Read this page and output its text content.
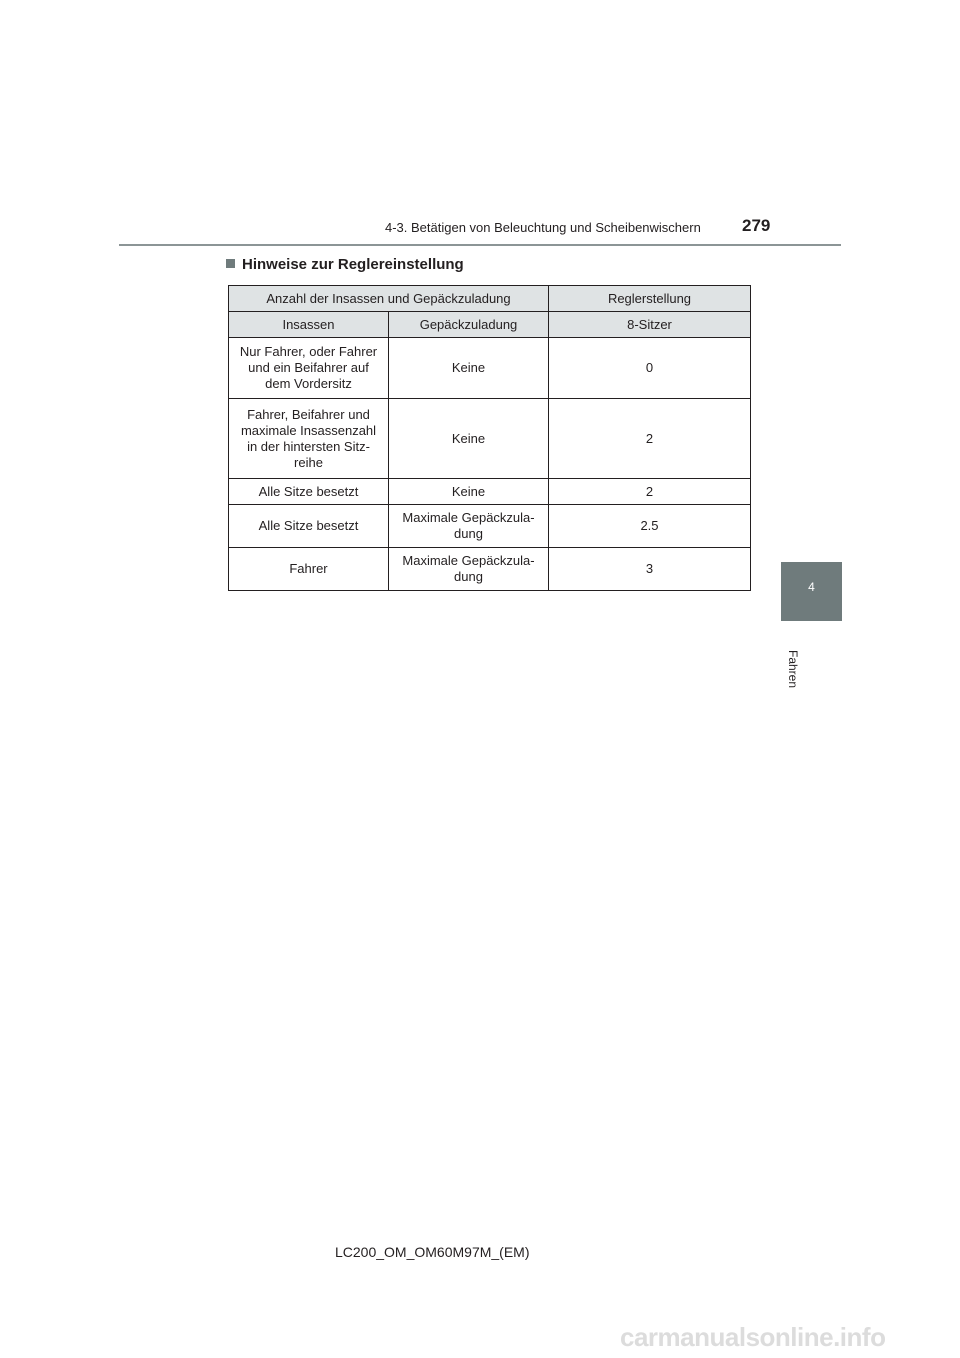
4-3. Betätigen von Beleuchtung und Scheibenwischern 279
Hinweise zur Reglereinstellung
Anzahl der Insassen und Gepäckzuladung		Reglerstellung
Insassen	Gepäckzuladung	8-Sitzer
Nur Fahrer, oder Fahrer und ein Beifahrer auf dem Vordersitz	Keine	0
Fahrer, Beifahrer und maximale Insassenzahl in der hintersten Sitz-reihe	Keine	2
Alle Sitze besetzt	Keine	2
Alle Sitze besetzt	Maximale Gepäckzula-dung	2.5
Fahrer	Maximale Gepäckzula-dung	3
4
Fahren
LC200_OM_OM60M97M_(EM)
carmanualsonline.info
